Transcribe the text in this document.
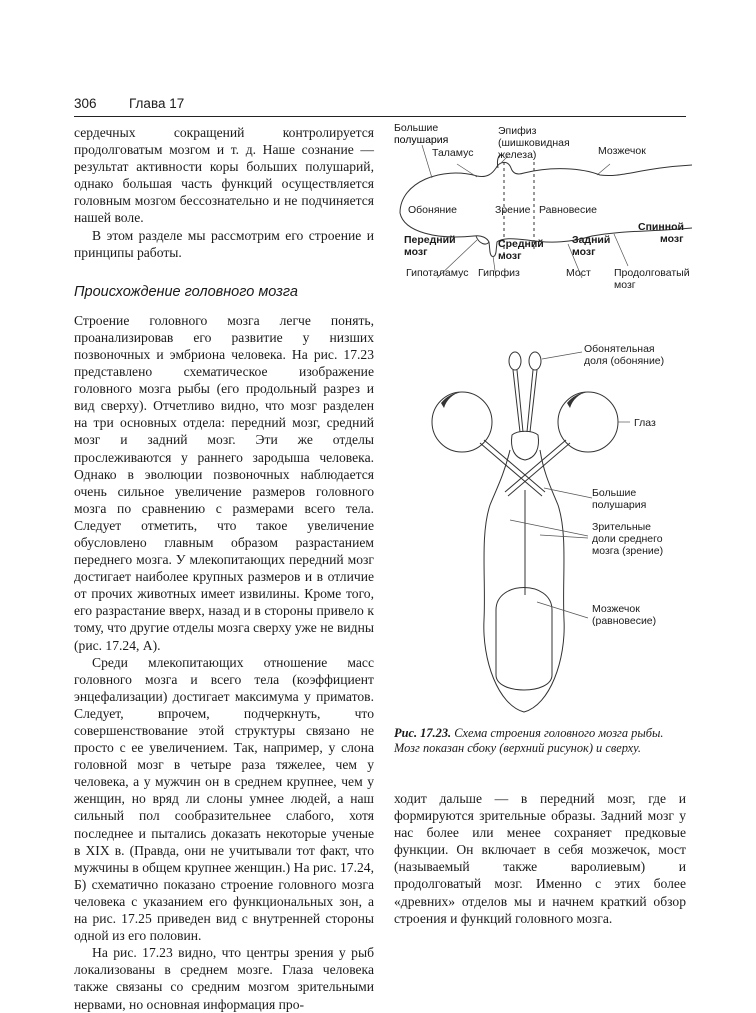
306 Глава 17

сердечных сокращений контролируется продолговатым мозгом и т. д. Наше сознание — результат активности коры больших полушарий, однако большая часть функций осуществляется головным мозгом бессознательно и не подчиняется нашей воле.

В этом разделе мы рассмотрим его строение и принципы работы.

Происхождение головного мозга

Строение головного мозга легче понять, проанализировав его развитие у низших позвоночных и эмбриона человека. На рис. 17.23 представлено схематическое изображение головного мозга рыбы (его продольный разрез и вид сверху). Отчетливо видно, что мозг разделен на три основных отдела: передний мозг, средний мозг и задний мозг. Эти же отделы прослеживаются у раннего зародыша человека. Однако в эволюции позвоночных наблюдается очень сильное увеличение размеров головного мозга по сравнению с размерами всего тела. Следует отметить, что такое увеличение обусловлено главным образом разрастанием переднего мозга. У млекопитающих передний мозг достигает наиболее крупных размеров и в отличие от прочих животных имеет извилины. Кроме того, его разрастание вверх, назад и в стороны привело к тому, что другие отделы мозга сверху уже не видны (рис. 17.24, А).

Среди млекопитающих отношение масс головного мозга и всего тела (коэффициент энцефализации) достигает максимума у приматов. Следует, впрочем, подчеркнуть, что совершенствование этой структуры связано не просто с ее увеличением. Так, например, у слона головной мозг в четыре раза тяжелее, чем у человека, а у мужчин он в среднем крупнее, чем у женщин, но вряд ли слоны умнее людей, а наш сильный пол сообразительнее слабого, хотя последнее и пытались доказать некоторые ученые в XIX в. (Правда, они не учитывали тот факт, что мужчины в общем крупнее женщин.) На рис. 17.24, Б) схематично показано строение головного мозга человека с указанием его функциональных зон, а на рис. 17.25 приведен вид с внутренней стороны одной из его половин.

На рис. 17.23 видно, что центры зрения у рыб локализованы в среднем мозге. Глаза человека также связаны со средним мозгом зрительными нервами, но основная информация про-

Большие
Таламус
Эпифиз
(шишковидная
железа)	Мозжечок
Обоняние	Зрение Равновесие
Гипоталамус Гипофиз	Мост Продолговатый
мозг
полушария
Передний
мозг
Средний
мозг
Задний
мозг
Спинной
мозг
Обонятельная
доля (обоняние)
Глаз
Большие
полушария
Зрительные
доли среднего
мозга (зрение)
Мозжечок
(равновесие)
Рис. 17.23. Схема строения головного мозга рыбы. Мозг показан сбоку (верхний рисунок) и сверху.

ходит дальше — в передний мозг, где и формируются зрительные образы. Задний мозг у нас более или менее сохраняет предковые функции. Он включает в себя мозжечок, мост (называемый также варолиевым) и продолговатый мозг. Именно с этих более «древних» отделов мы и начнем краткий обзор строения и функций головного мозга.
